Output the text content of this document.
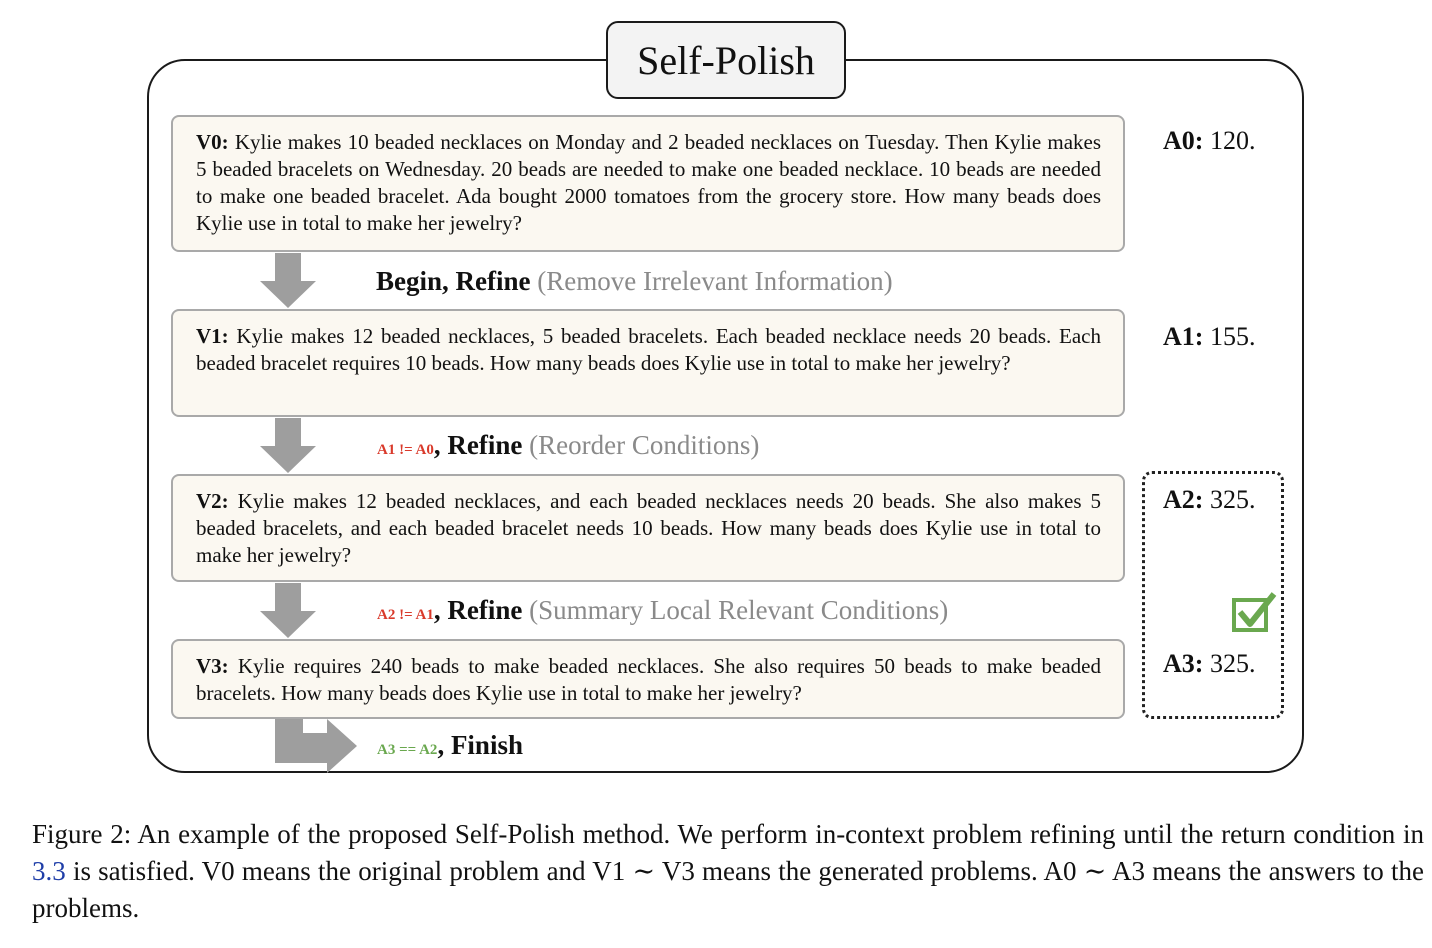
Self-Polish
V0: Kylie makes 10 beaded necklaces on Monday and 2 beaded necklaces on Tuesday. Then Kylie makes 5 beaded bracelets on Wednesday. 20 beads are needed to make one beaded necklace. 10 beads are needed to make one beaded bracelet. Ada bought 2000 tomatoes from the grocery store. How many beads does Kylie use in total to make her jewelry?
V1: Kylie makes 12 beaded necklaces, 5 beaded bracelets. Each beaded necklace needs 20 beads. Each beaded bracelet requires 10 beads. How many beads does Kylie use in total to make her jewelry?
V2: Kylie makes 12 beaded necklaces, and each beaded necklaces needs 20 beads. She also makes 5 beaded bracelets, and each beaded bracelet needs 10 beads. How many beads does Kylie use in total to make her jewelry?
V3: Kylie requires 240 beads to make beaded necklaces. She also requires 50 beads to make beaded bracelets. How many beads does Kylie use in total to make her jewelry?
A0: 120.
A1: 155.
A2: 325.
A3: 325.
Begin, Refine (Remove Irrelevant Information)
A1 != A0, Refine (Reorder Conditions)
A2 != A1, Refine (Summary Local Relevant Conditions)
A3 == A2, Finish
Figure 2: An example of the proposed Self-Polish method. We perform in-context problem refining until the return condition in 3.3 is satisfied. V0 means the original problem and V1 ∼ V3 means the generated problems. A0 ∼ A3 means the answers to the problems.
